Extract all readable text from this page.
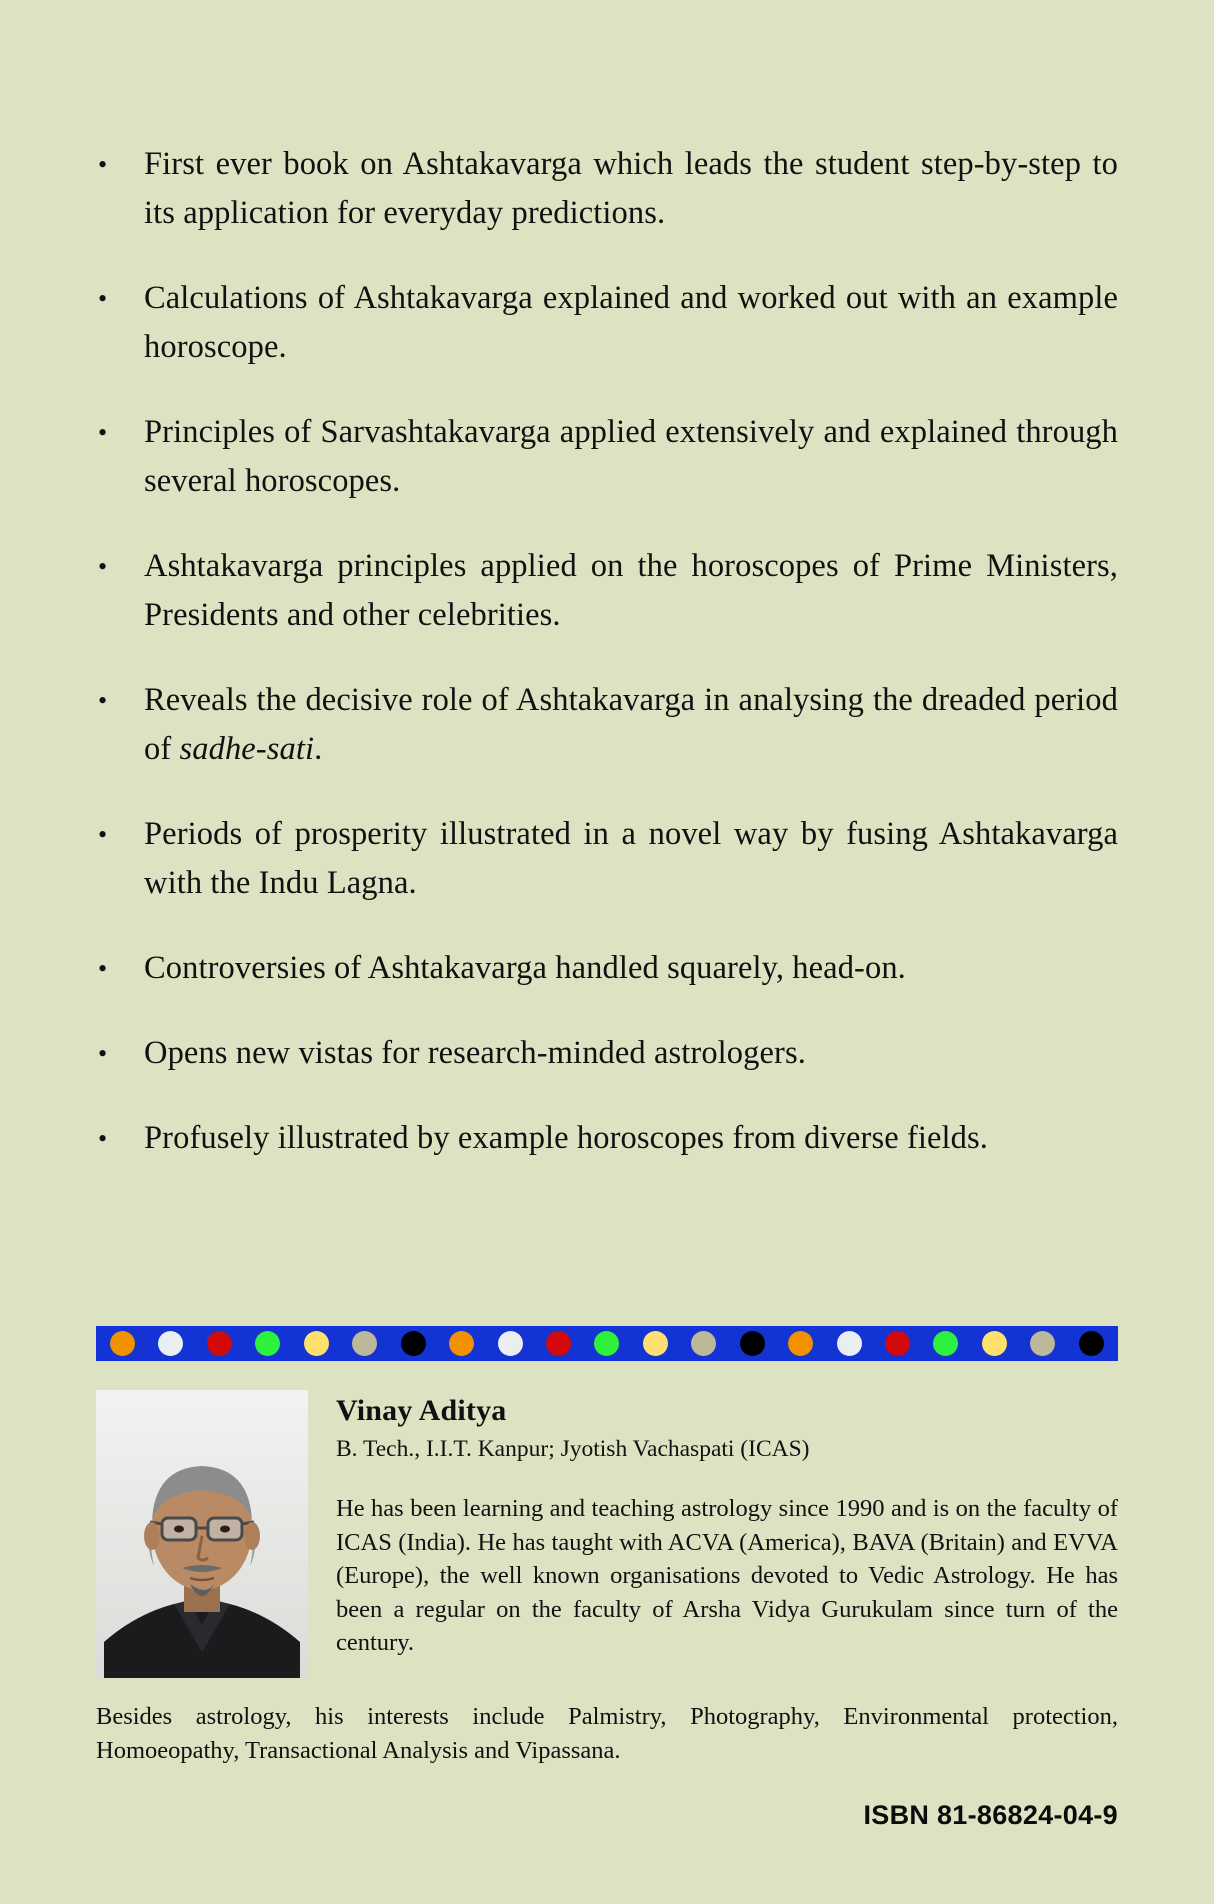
•	First ever book on Ashtakavarga which leads the student step-by-step to its application for everyday predictions.
•	Calculations of Ashtakavarga explained and worked out with an example horoscope.
•	Principles of Sarvashtakavarga applied extensively and explained through several horoscopes.
•	Ashtakavarga principles applied on the horoscopes of Prime Ministers, Presidents and other celebrities.
•	Reveals the decisive role of Ashtakavarga in analysing the dreaded period of sadhe-sati.
•	Periods of prosperity illustrated in a novel way by fusing Ashtakavarga with the Indu Lagna.
•	Controversies of Ashtakavarga handled squarely, head-on.
•	Opens new vistas for research-minded astrologers.
•	Profusely illustrated by example horoscopes from diverse fields.
Vinay Aditya
B. Tech., I.I.T. Kanpur; Jyotish Vachaspati (ICAS)
He has been learning and teaching astrology since 1990 and is on the faculty of ICAS (India). He has taught with ACVA (America), BAVA (Britain) and EVVA (Europe), the well known organisations devoted to Vedic Astrology. He has been a regular on the faculty of Arsha Vidya Gurukulam since turn of the century.
Besides astrology, his interests include Palmistry, Photography, Environmental protection, Homoeopathy, Transactional Analysis and Vipassana.
ISBN 81-86824-04-9
